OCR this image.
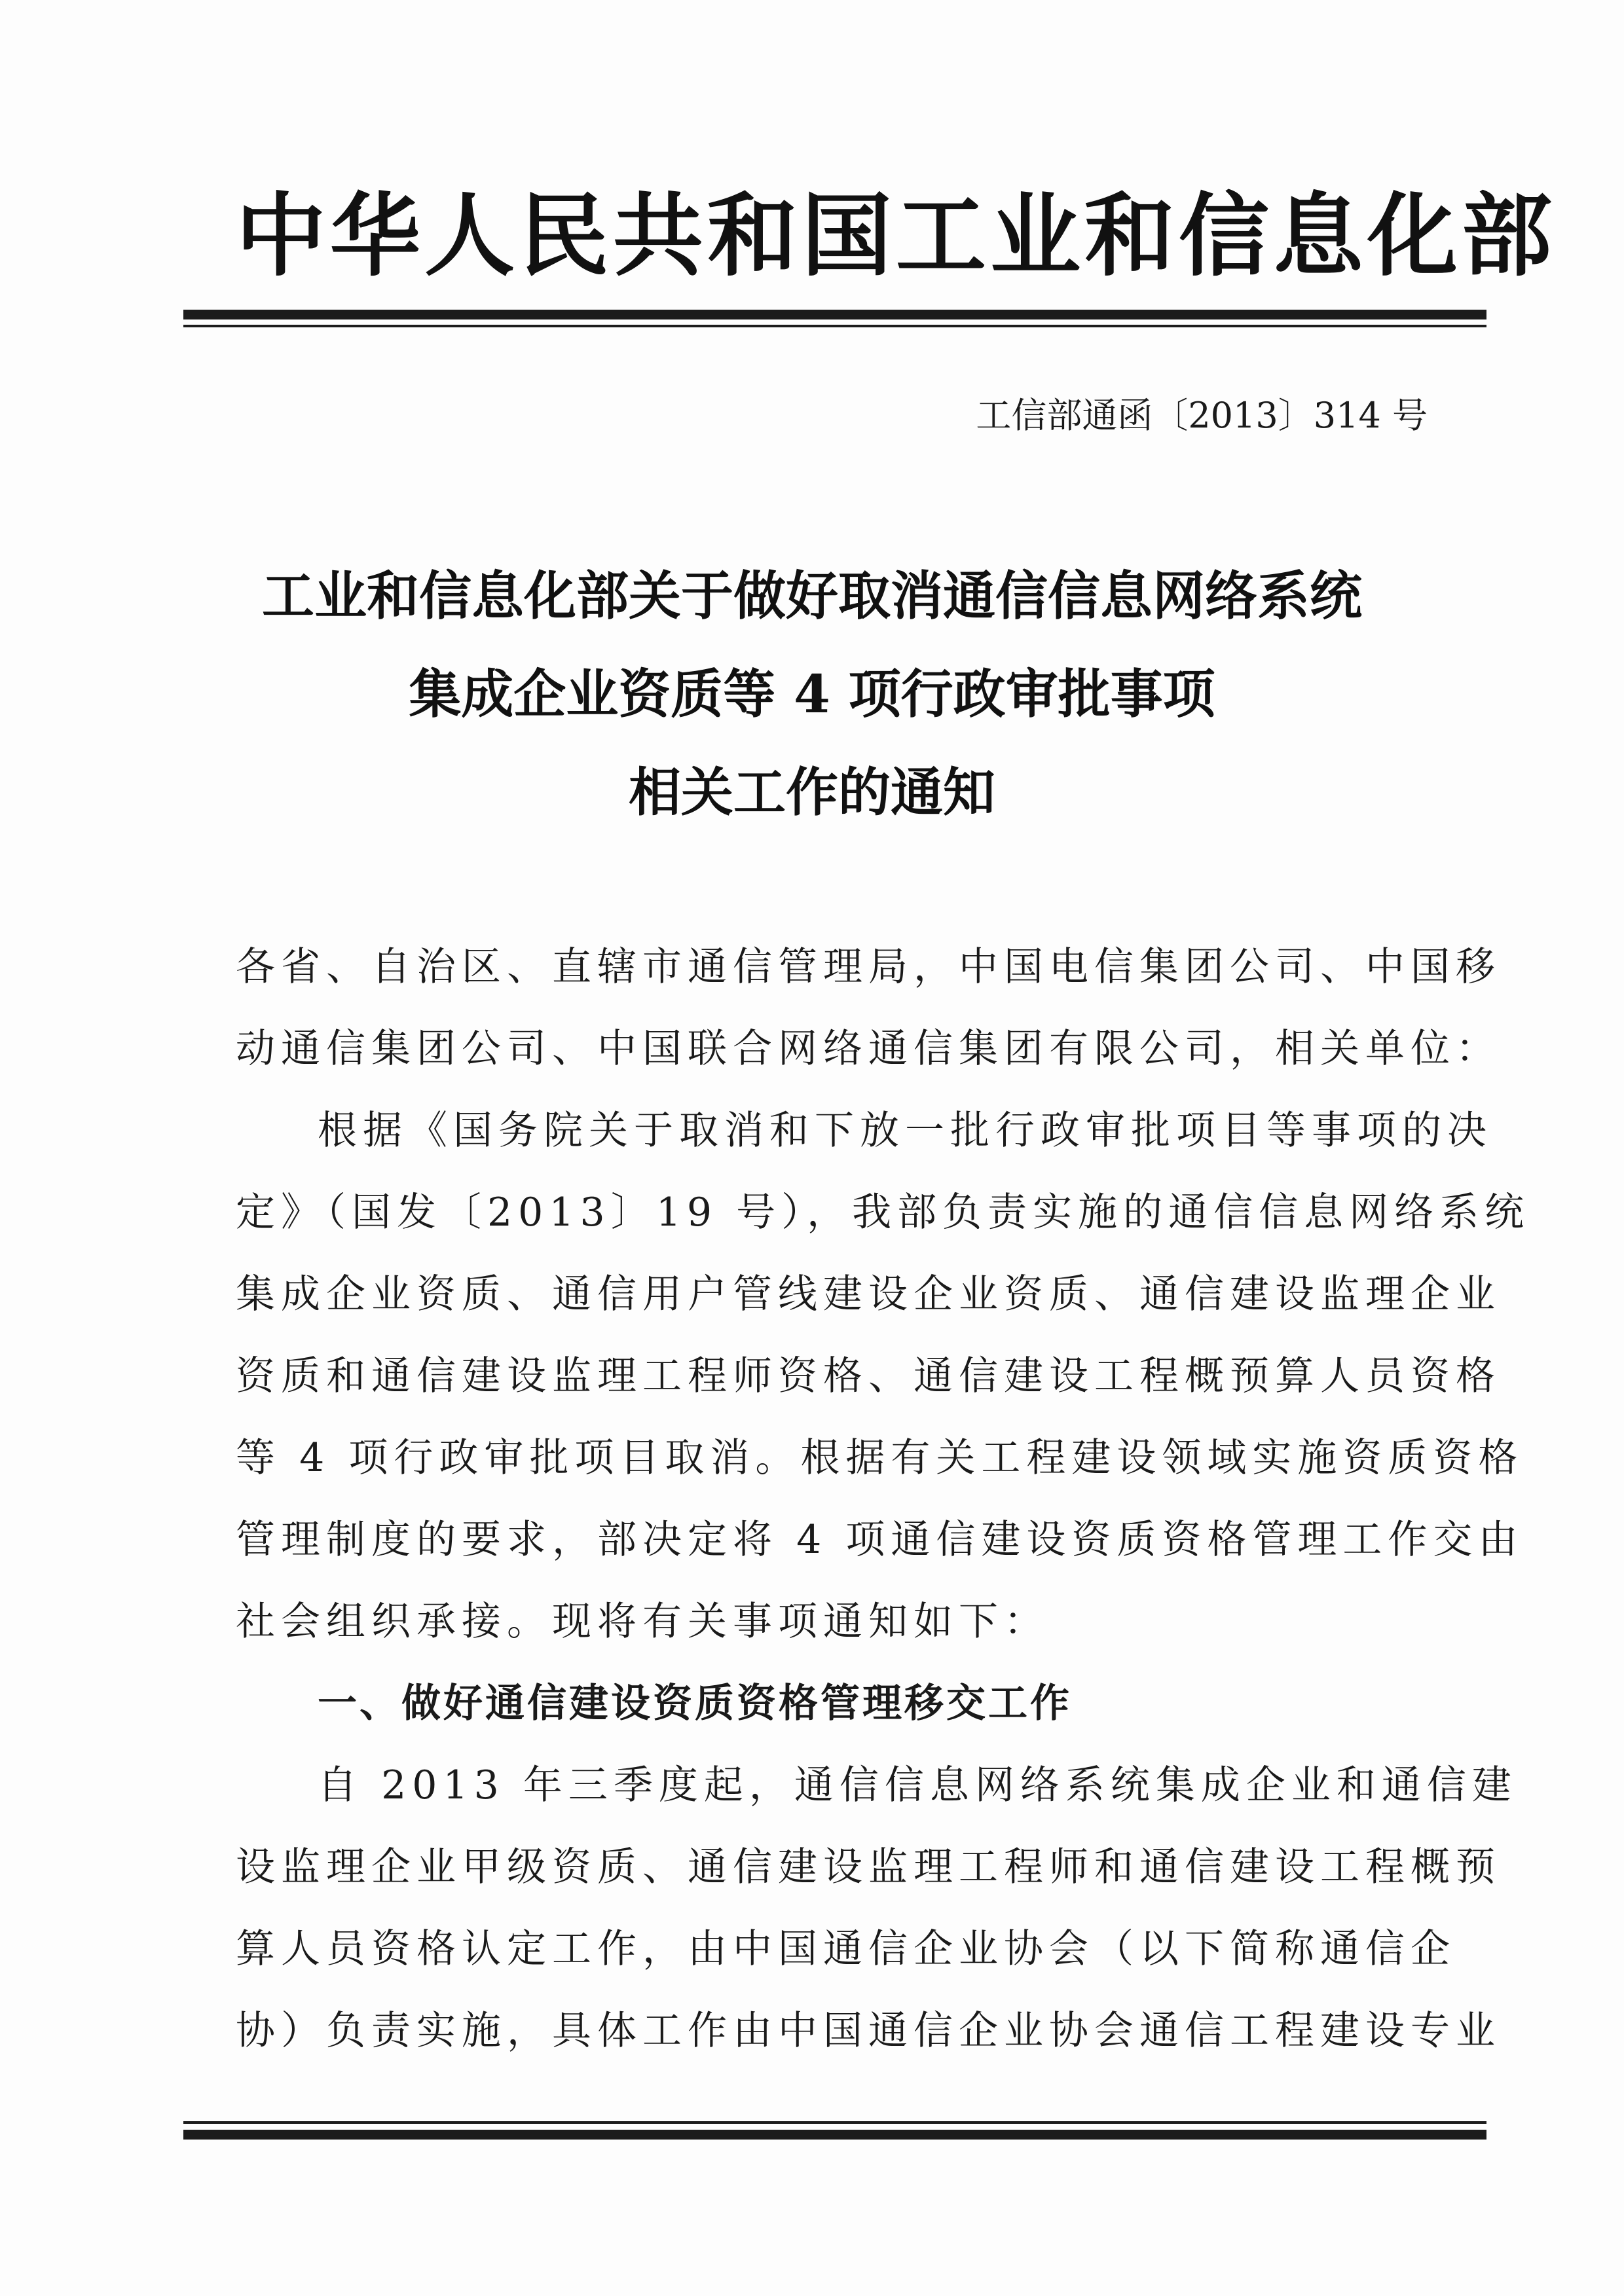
中华人民共和国工业和信息化部
工信部通函〔2013〕314 号
工业和信息化部关于做好取消通信信息网络系统
集成企业资质等 4 项行政审批事项
相关工作的通知
各省、自治区、直辖市通信管理局，中国电信集团公司、中国移
动通信集团公司、中国联合网络通信集团有限公司，相关单位：
根据《国务院关于取消和下放一批行政审批项目等事项的决
定》（国发〔2013〕19 号），我部负责实施的通信信息网络系统
集成企业资质、通信用户管线建设企业资质、通信建设监理企业
资质和通信建设监理工程师资格、通信建设工程概预算人员资格
等 4 项行政审批项目取消。根据有关工程建设领域实施资质资格
管理制度的要求，部决定将 4 项通信建设资质资格管理工作交由
社会组织承接。现将有关事项通知如下：
一、做好通信建设资质资格管理移交工作
自 2013 年三季度起，通信信息网络系统集成企业和通信建
设监理企业甲级资质、通信建设监理工程师和通信建设工程概预
算人员资格认定工作，由中国通信企业协会（以下简称通信企
协）负责实施，具体工作由中国通信企业协会通信工程建设专业
